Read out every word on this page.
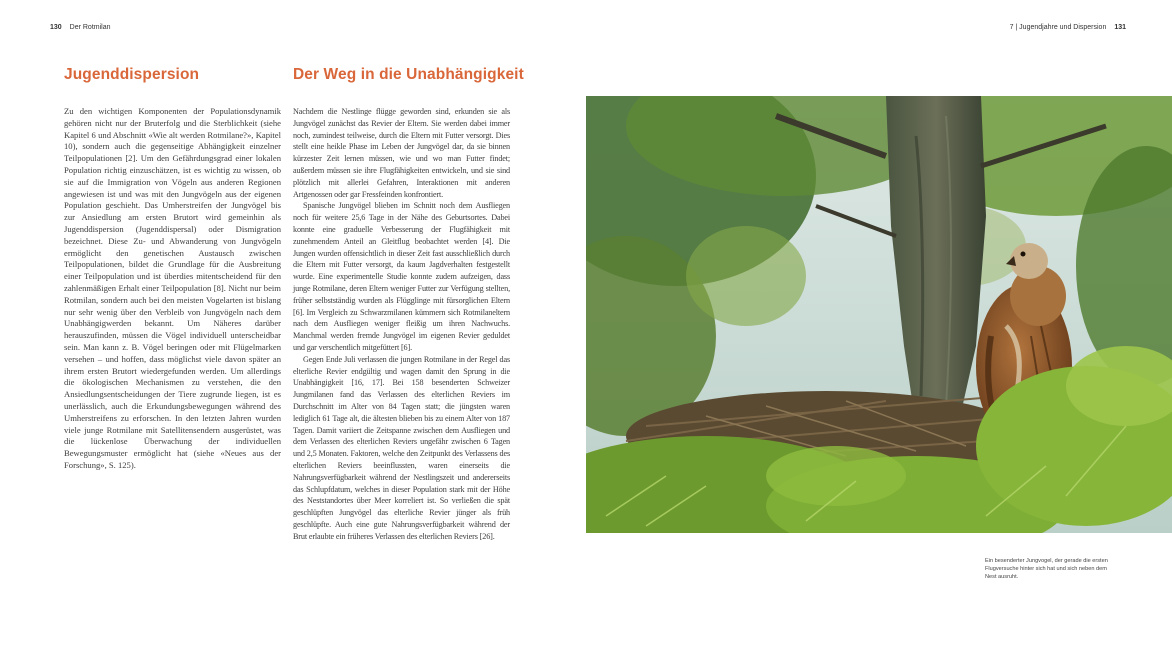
130 Der Rotmilan	7 | Jugendjahre und Dispersion 131
Jugenddispersion	Der Weg in die Unabhängigkeit

Zu den wichtigen Komponenten der Populationsdynamik gehören nicht nur der Bruterfolg und die Sterblichkeit (siehe Kapitel 6 und Abschnitt «Wie alt werden Rotmilane?», Kapitel 10), sondern auch die gegenseitige Abhängigkeit einzelner Teilpopulationen [2]. Um den Gefährdungsgrad einer lokalen Population richtig einzuschätzen, ist es wichtig zu wissen, ob sie auf die Immigration von Vögeln aus anderen Regionen angewiesen ist und was mit den Jungvögeln aus der eigenen Population geschieht. Das Umherstreifen der Jungvögel bis zur Ansiedlung am ersten Brutort wird gemeinhin als Jugenddispersion (Jugenddispersal) oder Dismigration bezeichnet. Diese Zu- und Abwanderung von Jungvögeln ermöglicht den genetischen Austausch zwischen Teilpopulationen, bildet die Grundlage für die Ausbreitung einer Teilpopulation und ist überdies mitentscheidend für den zahlenmäßigen Erhalt einer Teilpopulation [8]. Nicht nur beim Rotmilan, sondern auch bei den meisten Vogelarten ist bislang nur sehr wenig über den Verbleib von Jungvögeln nach dem Unabhängigwerden bekannt. Um Näheres darüber herauszufinden, müssen die Vögel individuell unterscheidbar sein. Man kann z. B. Vögel beringen oder mit Flügelmarken versehen – und hoffen, dass möglichst viele davon später an ihrem ersten Brutort wiedergefunden werden. Um allerdings die ökologischen Mechanismen zu verstehen, die den Ansiedlungsentscheidungen der Tiere zugrunde liegen, ist es unerlässlich, auch die Erkundungsbewegungen während des Umherstreifens zu erforschen. In den letzten Jahren wurden viele junge Rotmilane mit Satellitensendern ausgerüstet, was die lückenlose Überwachung der individuellen Bewegungsmuster ermöglicht hat (siehe «Neues aus der Forschung», S. 125).

Nachdem die Nestlinge flügge geworden sind, erkunden sie als Jungvögel zunächst das Revier der Eltern. Sie werden dabei immer noch, zumindest teilweise, durch die Eltern mit Futter versorgt. Dies stellt eine heikle Phase im Leben der Jungvögel dar, da sie binnen kürzester Zeit lernen müssen, wie und wo man Futter findet; außerdem müssen sie ihre Flugfähigkeiten entwickeln, und sie sind plötzlich mit allerlei Gefahren, Interaktionen mit anderen Artgenossen oder gar Fressfeinden konfrontiert.

Spanische Jungvögel blieben im Schnitt noch dem Ausfliegen noch für weitere 25,6 Tage in der Nähe des Geburtsortes. Dabei konnte eine graduelle Verbesserung der Flugfähigkeit mit zunehmendem Anteil an Gleitflug beobachtet werden [4]. Die Jungen wurden offensichtlich in dieser Zeit fast ausschließlich durch die Eltern mit Futter versorgt, da kaum Jagdverhalten festgestellt wurde. Eine experimentelle Studie konnte zudem aufzeigen, dass junge Rotmilane, deren Eltern weniger Futter zur Verfügung stellten, früher selbstständig wurden als Flügglinge mit fürsorglichen Eltern [6]. Im Vergleich zu Schwarzmilanen kümmern sich Rotmilaneltern nach dem Ausfliegen weniger fleißig um ihren Nachwuchs. Manchmal werden fremde Jungvögel im eigenen Revier geduldet und gar verschentlich mitgefüttert [6].

Gegen Ende Juli verlassen die jungen Rotmilane in der Regel das elterliche Revier endgültig und wagen damit den Sprung in die Unabhängigkeit [16, 17]. Bei 158 besenderten Schweizer Jungmilanen fand das Verlassen des elterlichen Reviers im Durchschnitt im Alter von 84 Tagen statt; die jüngsten waren lediglich 61 Tage alt, die ältesten blieben bis zu einem Alter von 187 Tagen. Damit variiert die Zeitspanne zwischen dem Ausfliegen und dem Verlassen des elterlichen Reviers ungefähr zwischen 6 Tagen und 2,5 Monaten. Faktoren, welche den Zeitpunkt des Verlassens des elterlichen Reviers beeinflussten, waren einerseits die Nahrungsverfügbarkeit während der Nestlingszeit und andererseits das Schlupfdatum, welches in dieser Population stark mit der Höhe des Neststandortes über Meer korreliert ist. So verließen die spät geschlüpften Jungvögel das elterliche Revier jünger als früh geschlüpfte. Auch eine gute Nahrungsverfügbarkeit während der Brut erlaubte ein früheres Verlassen des elterlichen Reviers [26].

Ein besenderter Jungvogel, der gerade die ersten Flugversuche hinter sich hat und sich neben dem Nest ausruht.
